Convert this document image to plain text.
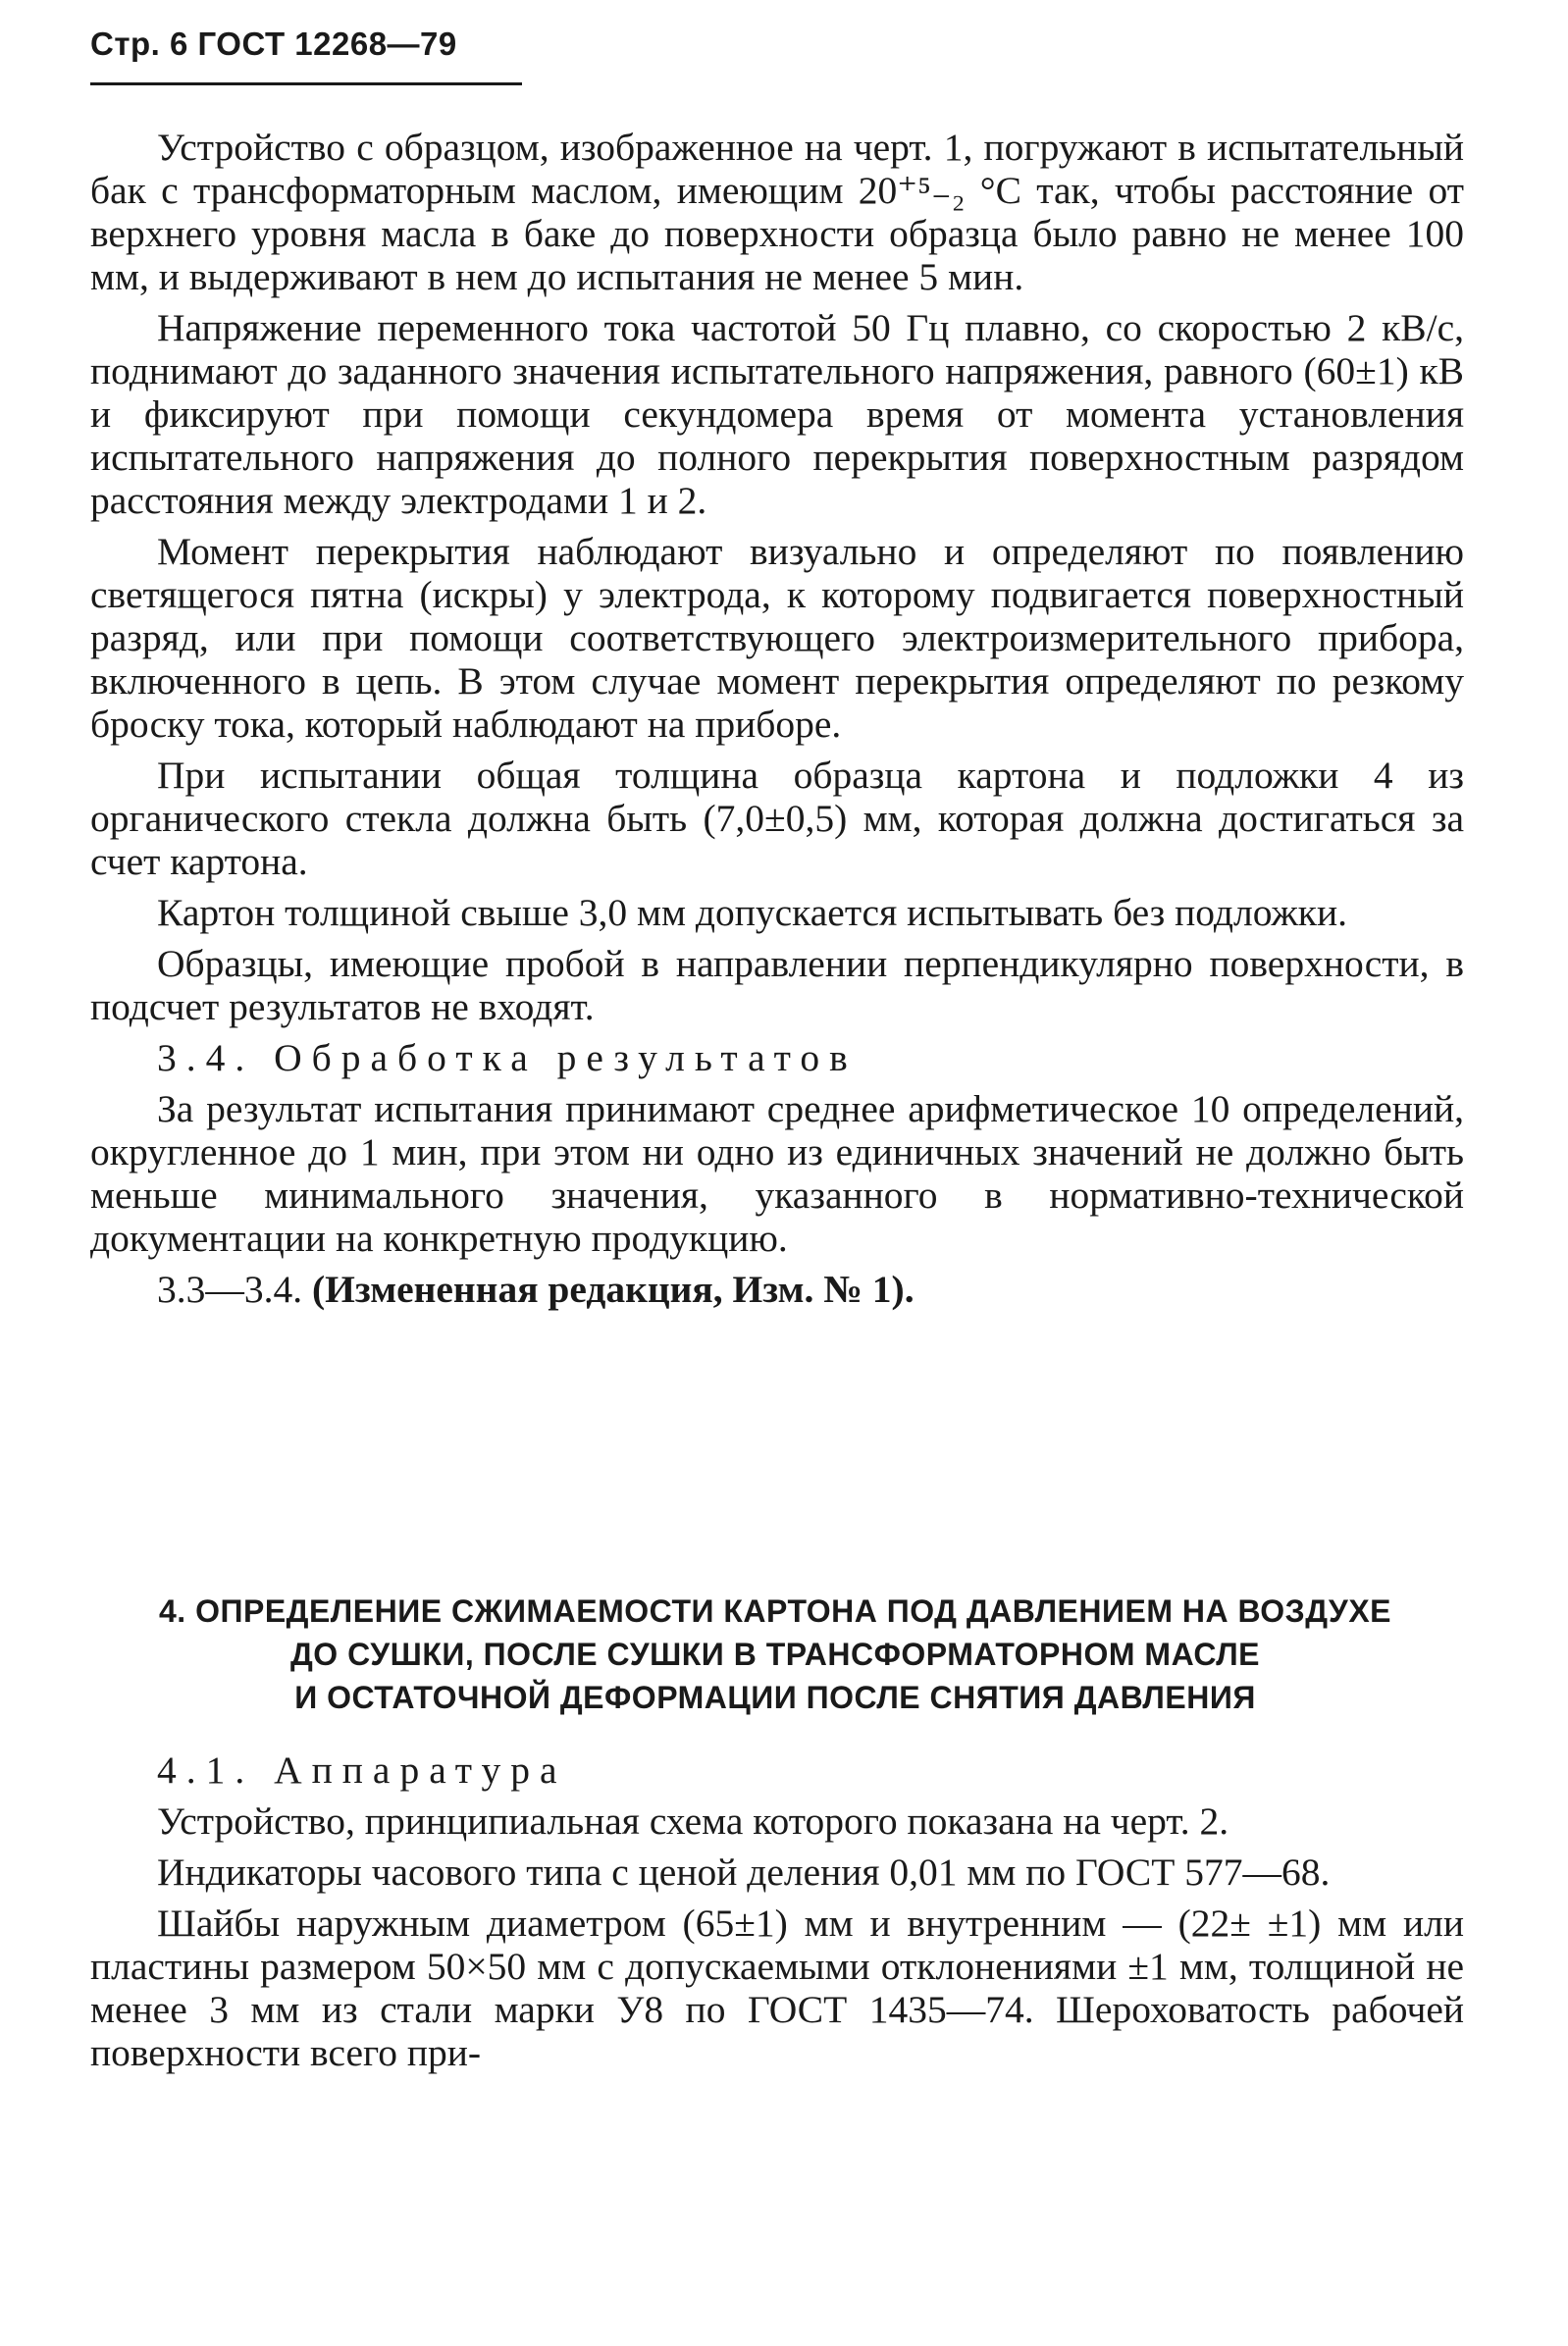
Стр. 6 ГОСТ 12268—79

Устройство с образцом, изображенное на черт. 1, погружают в испытательный бак с трансформаторным маслом, имеющим 20⁺⁵₋₂ °С так, чтобы расстояние от верхнего уровня масла в баке до поверхности образца было равно не менее 100 мм, и выдерживают в нем до испытания не менее 5 мин.

Напряжение переменного тока частотой 50 Гц плавно, со скоростью 2 кВ/с, поднимают до заданного значения испытательного напряжения, равного (60±1) кВ и фиксируют при помощи секундомера время от момента установления испытательного напряжения до полного перекрытия поверхностным разрядом расстояния между электродами 1 и 2.

Момент перекрытия наблюдают визуально и определяют по появлению светящегося пятна (искры) у электрода, к которому подвигается поверхностный разряд, или при помощи соответствующего электроизмерительного прибора, включенного в цепь. В этом случае момент перекрытия определяют по резкому броску тока, который наблюдают на приборе.

При испытании общая толщина образца картона и подложки 4 из органического стекла должна быть (7,0±0,5) мм, которая должна достигаться за счет картона.

Картон толщиной свыше 3,0 мм допускается испытывать без подложки.

Образцы, имеющие пробой в направлении перпендикулярно поверхности, в подсчет результатов не входят.

3.4. Обработка результатов

За результат испытания принимают среднее арифметическое 10 определений, округленное до 1 мин, при этом ни одно из единичных значений не должно быть меньше минимального значения, указанного в нормативно-технической документации на конкретную продукцию.

3.3—3.4. (Измененная редакция, Изм. № 1).

4. ОПРЕДЕЛЕНИЕ СЖИМАЕМОСТИ КАРТОНА ПОД ДАВЛЕНИЕМ НА ВОЗДУХЕ
ДО СУШКИ, ПОСЛЕ СУШКИ В ТРАНСФОРМАТОРНОМ МАСЛЕ
И ОСТАТОЧНОЙ ДЕФОРМАЦИИ ПОСЛЕ СНЯТИЯ ДАВЛЕНИЯ

4.1. Аппаратура

Устройство, принципиальная схема которого показана на черт. 2.

Индикаторы часового типа с ценой деления 0,01 мм по ГОСТ 577—68.

Шайбы наружным диаметром (65±1) мм и внутренним — (22± ±1) мм или пластины размером 50×50 мм с допускаемыми отклонениями ±1 мм, толщиной не менее 3 мм из стали марки У8 по ГОСТ 1435—74. Шероховатость рабочей поверхности всего при-
